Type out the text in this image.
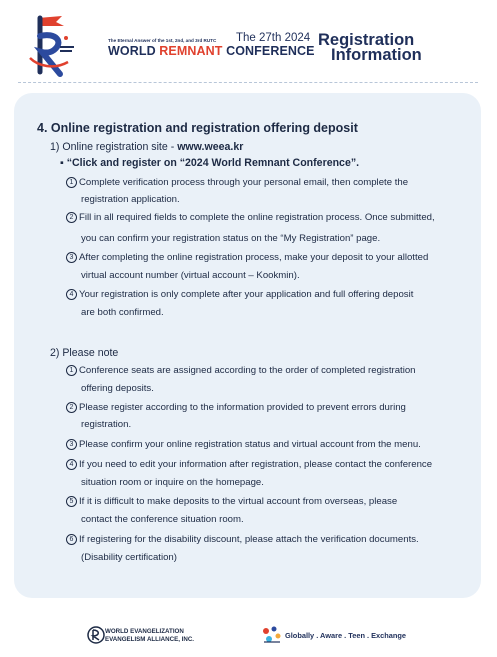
The Eternal Answer of the 1st, 2nd, and 3rd RUTC The 27th 2024
WORLD REMNANT CONFERENCE
Registration
Information
4. Online registration and registration offering deposit
1) Online registration site - www.weea.kr
▪ “Click and register on “2024 World Remnant Conference”.
1 Complete verification process through your personal email, then complete the
registration application.
2 Fill in all required fields to complete the online registration process. Once submitted,
you can confirm your registration status on the “My Registration” page.
3 After completing the online registration process, make your deposit to your allotted
virtual account number (virtual account – Kookmin).
4 Your registration is only complete after your application and full offering deposit
are both confirmed.
2) Please note
1 Conference seats are assigned according to the order of completed registration
offering deposits.
2 Please register according to the information provided to prevent errors during
registration.
3 Please confirm your online registration status and virtual account from the menu.
4 If you need to edit your information after registration, please contact the conference
situation room or inquire on the homepage.
5 If it is difficult to make deposits to the virtual account from overseas, please
contact the conference situation room.
6 If registering for the disability discount, please attach the verification documents.
(Disability certification)
WORLD EVANGELIZATION
EVANGELISM ALLIANCE, INC.	Globally . Aware . Teen . Exchange
